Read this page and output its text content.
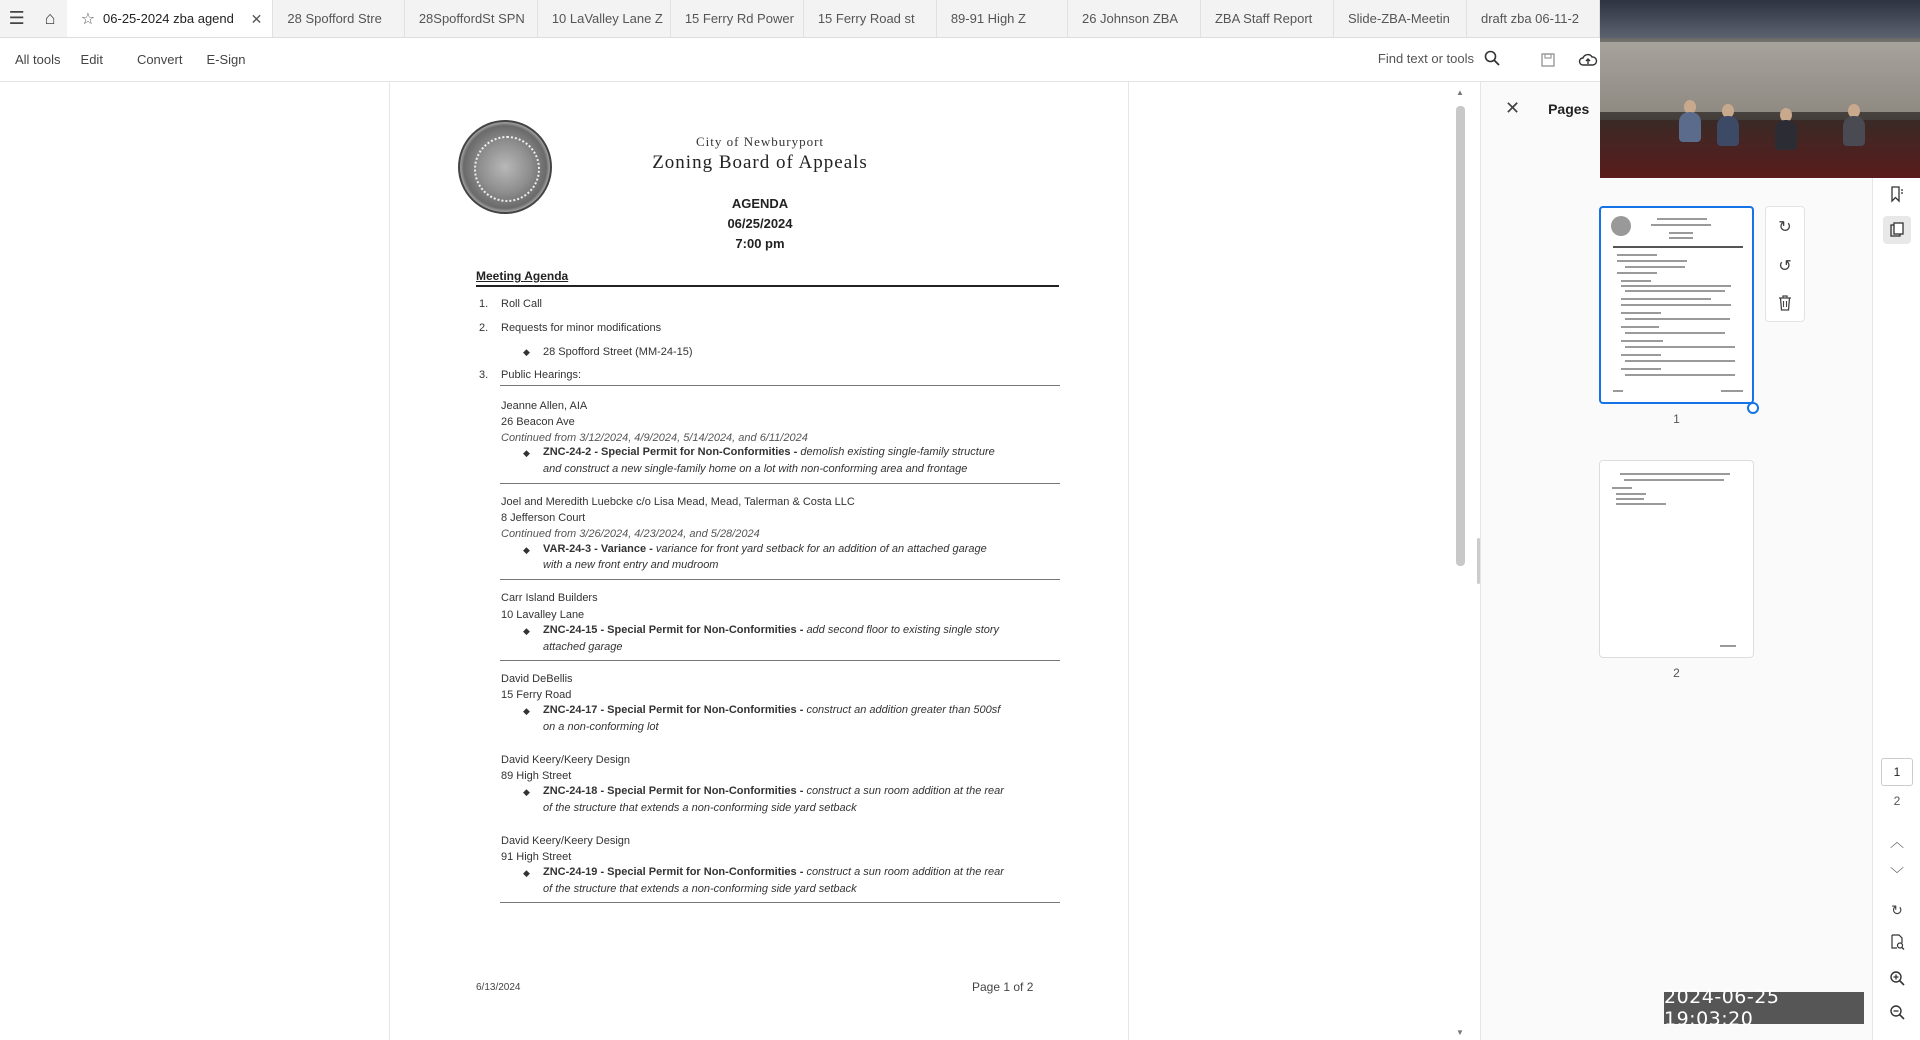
☰	⌂	☆ 06-25-2024 zba agend ✕ 28 Spofford Stre	28SpoffordSt SPN 10 LaValley Lane Z 15 Ferry Rd Power 15 Ferry Road st	89-91 High Z	26 Johnson ZBA	ZBA Staff Report	Slide-ZBA-Meetin draft zba 06-11-2
All tools Edit	Convert E-Sign	Find text or tools
City of Newburyport
Zoning Board of Appeals
AGENDA
06/25/2024
7:00 pm
Meeting Agenda
1. Roll Call
2. Requests for minor modifications
◆ 28 Spofford Street (MM-24-15)
3. Public Hearings:
Jeanne Allen, AIA
26 Beacon Ave
Continued from 3/12/2024, 4/9/2024, 5/14/2024, and 6/11/2024
◆ ZNC-24-2 - Special Permit for Non-Conformities - demolish existing single-family structure
and construct a new single-family home on a lot with non-conforming area and frontage
Joel and Meredith Luebcke c/o Lisa Mead, Mead, Talerman & Costa LLC
8 Jefferson Court
Continued from 3/26/2024, 4/23/2024, and 5/28/2024
◆ VAR-24-3 - Variance - variance for front yard setback for an addition of an attached garage
with a new front entry and mudroom
Carr Island Builders
10 Lavalley Lane
◆ ZNC-24-15 - Special Permit for Non-Conformities - add second floor to existing single story
attached garage
David DeBellis
15 Ferry Road
◆ ZNC-24-17 - Special Permit for Non-Conformities - construct an addition greater than 500sf
on a non-conforming lot
David Keery/Keery Design
89 High Street
◆ ZNC-24-18 - Special Permit for Non-Conformities - construct a sun room addition at the rear
of the structure that extends a non-conforming side yard setback
David Keery/Keery Design
91 High Street
◆ ZNC-24-19 - Special Permit for Non-Conformities - construct a sun room addition at the rear
of the structure that extends a non-conforming side yard setback
6/13/2024	Page 1 of 2
▲
▼
✕ Pages
1
↻
↺
2
1
2
︿
﹀
↻
2024-06-25 19:03:20
